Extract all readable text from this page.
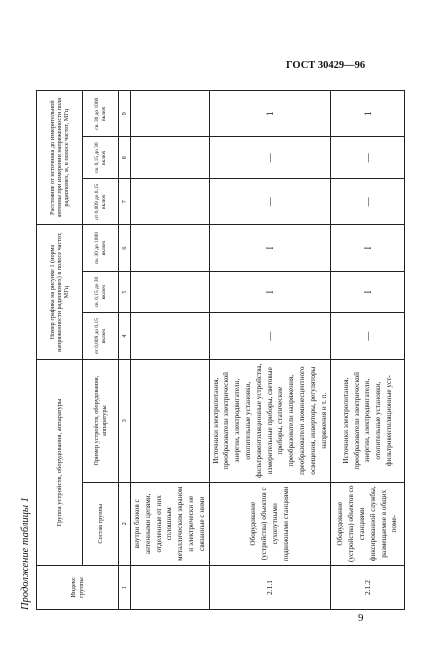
ГОСТ 30429—96
Продолжение таблицы 1	Индекс группы	Группа устройств, оборудования, аппаратуры		Номер графика на рисунке 1 (норма напряженности радиопомех) в полосе частот, МГц			Расстояние от источника до измерительной антенны при измерении напряженности поля радиопомех, м, в полосе частот, МГц		
	Состав группы	Пример устройств, оборудования, аппаратуры	от 0,009 до 0,15 включ	св. 0,15 до 30 включ	св. 30 до 1000 включ	от 0,009 до 0,15 включ	св. 0,15 до 30 включ	св. 30 до 1000 включ
1	2	3	4	5	6	7	8	9
	внутри блоков с антенными цепями, отделенные от них сплошным металлическим экраном и электрически не связанные с ними							
2.1.1	Оборудование (устройства) объектов с сухопутными подвижными станциями	Источники электропитания, преобразователи электрической энергии, электродвигатели, отопительные установки, фильтровентиляционные устройства, измерительные приборы, световые приборы, статические преобразователи напряжения, преобразователи люминесцентного освещения, инверторы, регуляторы напряжения и т. п.	—	I	I	—	—	1
2.1.2	Оборудование (устройства) объектов со станциями фиксированной службы, размещаемое в общих поме-	Источники электропитания, преобразователи электрической энергии, электродвигатели, отопительные установки, фильтровентиляционные уст-	—	I	I	—	—	1
9
